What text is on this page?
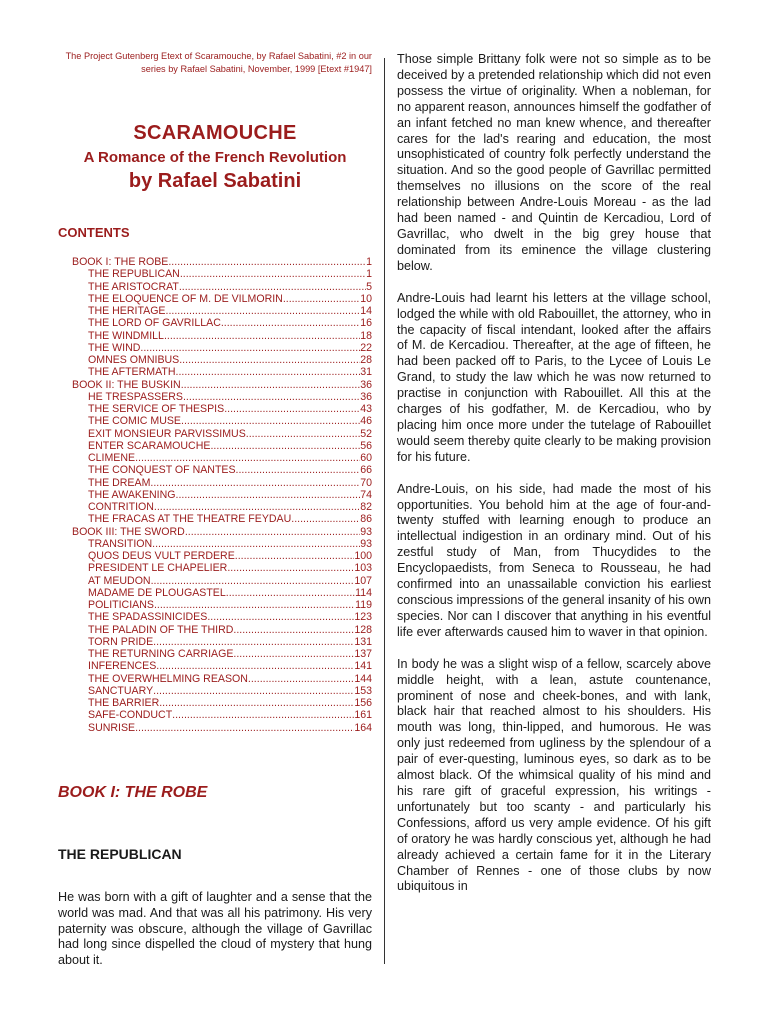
The Project Gutenberg Etext of Scaramouche, by Rafael Sabatini, #2 in our series by Rafael Sabatini, November, 1999 [Etext #1947]

SCARAMOUCHE
A Romance of the French Revolution
by Rafael Sabatini
CONTENTS
BOOK I: THE ROBE .....	1
THE REPUBLICAN .....	1
THE ARISTOCRAT .....	5
THE ELOQUENCE OF M. DE VILMORIN .....	10
THE HERITAGE .....	14
THE LORD OF GAVRILLAC .....	16
THE WINDMILL .....	18
THE WIND .....	22
OMNES OMNIBUS .....	28
THE AFTERMATH .....	31
BOOK II: THE BUSKIN .....	36
HE TRESPASSERS .....	36
THE SERVICE OF THESPIS .....	43
THE COMIC MUSE .....	46
EXIT MONSIEUR PARVISSIMUS .....	52
ENTER SCARAMOUCHE .....	56
CLIMENE .....	60
THE CONQUEST OF NANTES .....	66
THE DREAM .....	70
THE AWAKENING .....	74
CONTRITION .....	82
THE FRACAS AT THE THEATRE FEYDAU .....	86
BOOK III: THE SWORD .....	93
TRANSITION .....	93
QUOS DEUS VULT PERDERE .....	100
PRESIDENT LE CHAPELIER .....	103
AT MEUDON .....	107
MADAME DE PLOUGASTEL .....	114
POLITICIANS .....	119
THE SPADASSINICIDES .....	123
THE PALADIN OF THE THIRD .....	128
TORN PRIDE .....	131
THE RETURNING CARRIAGE .....	137
INFERENCES .....	141
THE OVERWHELMING REASON .....	144
SANCTUARY .....	153
THE BARRIER .....	156
SAFE-CONDUCT .....	161
SUNRISE .....	164
BOOK I: THE ROBE
THE REPUBLICAN

He was born with a gift of laughter and a sense that the world was mad. And that was all his patrimony. His very paternity was obscure, although the village of Gavrillac had long since dispelled the cloud of mystery that hung about it.

Those simple Brittany folk were not so simple as to be deceived by a pretended relationship which did not even possess the virtue of originality. When a nobleman, for no apparent reason, announces himself the godfather of an infant fetched no man knew whence, and thereafter cares for the lad's rearing and education, the most unsophisticated of country folk perfectly understand the situation. And so the good people of Gavrillac permitted themselves no illusions on the score of the real relationship between Andre-Louis Moreau - as the lad had been named - and Quintin de Kercadiou, Lord of Gavrillac, who dwelt in the big grey house that dominated from its eminence the village clustering below.

Andre-Louis had learnt his letters at the village school, lodged the while with old Rabouillet, the attorney, who in the capacity of fiscal intendant, looked after the affairs of M. de Kercadiou. Thereafter, at the age of fifteen, he had been packed off to Paris, to the Lycee of Louis Le Grand, to study the law which he was now returned to practise in conjunction with Rabouillet. All this at the charges of his godfather, M. de Kercadiou, who by placing him once more under the tutelage of Rabouillet would seem thereby quite clearly to be making provision for his future.

Andre-Louis, on his side, had made the most of his opportunities. You behold him at the age of four-and-twenty stuffed with learning enough to produce an intellectual indigestion in an ordinary mind. Out of his zestful study of Man, from Thucydides to the Encyclopaedists, from Seneca to Rousseau, he had confirmed into an unassailable conviction his earliest conscious impressions of the general insanity of his own species. Nor can I discover that anything in his eventful life ever afterwards caused him to waver in that opinion.

In body he was a slight wisp of a fellow, scarcely above middle height, with a lean, astute countenance, prominent of nose and cheek-bones, and with lank, black hair that reached almost to his shoulders. His mouth was long, thin-lipped, and humorous. He was only just redeemed from ugliness by the splendour of a pair of ever-questing, luminous eyes, so dark as to be almost black. Of the whimsical quality of his mind and his rare gift of graceful expression, his writings - unfortunately but too scanty - and particularly his Confessions, afford us very ample evidence. Of his gift of oratory he was hardly conscious yet, although he had already achieved a certain fame for it in the Literary Chamber of Rennes - one of those clubs by now ubiquitous in
